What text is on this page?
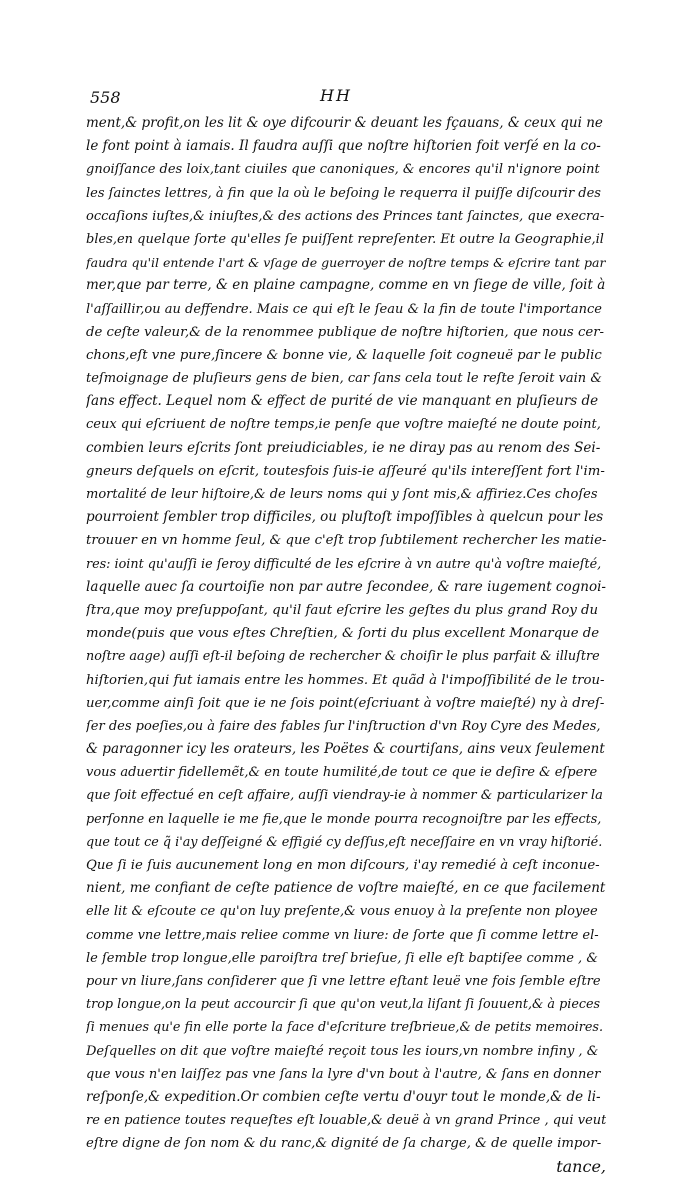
558	HH
ment,& profit,on les lit & oye difcourir & deuant les fçauans, & ceux qui ne
le font point à iamais. Il faudra auſſi que noſtre hiſtorien foit verſé en la co-
gnoiſſance des loix,tant ciuiles que canoniques, & encores qu'il n'ignore point
les ſainctes lettres, à fin que la où le beſoing le requerra il puiſſe diſcourir des
occaſions iuſtes,& iniuſtes,& des actions des Princes tant ſainctes, que execra-
bles,en quelque ſorte qu'elles ſe puiſſent repreſenter. Et outre la Geographie,il
faudra qu'il entende l'art & vſage de guerroyer de noſtre temps & eſcrire tant par
mer,que par terre, & en plaine campagne, comme en vn ſiege de ville, ſoit à
l'aſſaillir,ou au deffendre. Mais ce qui eſt le ſeau & la fin de toute l'importance
de ceſte valeur,& de la renommee publique de noſtre hiſtorien, que nous cer-
chons,eſt vne pure,ſincere & bonne vie, & laquelle ſoit cogneuë par le public
teſmoignage de pluſieurs gens de bien, car ſans cela tout le reſte ſeroit vain &
ſans effect. Lequel nom & effect de purité de vie manquant en pluſieurs de
ceux qui eſcriuent de noſtre temps,ie penſe que voſtre maieſté ne doute point,
combien leurs eſcrits ſont preiudiciables, ie ne diray pas au renom des Sei-
gneurs deſquels on eſcrit, toutesfois ſuis-ie aſſeuré qu'ils intereſſent fort l'im-
mortalité de leur hiſtoire,& de leurs noms qui y ſont mis,& affiriez.Ces choſes
pourroient ſembler trop difficiles, ou pluſtoſt impoſſibles à quelcun pour les
trouuer en vn homme ſeul, & que c'eſt trop ſubtilement rechercher les matie-
res: ioint qu'auſſi ie ſeroy difficulté de les eſcrire à vn autre qu'à voſtre maieſté,
laquelle auec ſa courtoiſie non par autre ſecondee, & rare iugement cognoi-
ſtra,que moy preſuppoſant, qu'il faut eſcrire les geſtes du plus grand Roy du
monde(puis que vous eſtes Chreſtien, & ſorti du plus excellent Monarque de
noſtre aage) auſſi eſt-il beſoing de rechercher & choiſir le plus parfait & illuſtre
hiſtorien,qui fut iamais entre les hommes. Et quãd à l'impoſſibilité de le trou-
uer,comme ainſi ſoit que ie ne ſois point(eſcriuant à voſtre maieſté) ny à dreſ-
ſer des poeſies,ou à faire des fables ſur l'inſtruction d'vn Roy Cyre des Medes,
& paragonner icy les orateurs, les Poëtes & courtiſans, ains veux ſeulement
vous aduertir fidellemẽt,& en toute humilité,de tout ce que ie deſire & eſpere
que ſoit effectué en ceſt affaire, auſſi viendray-ie à nommer & particularizer la
perſonne en laquelle ie me fie,que le monde pourra recognoiſtre par les effects,
que tout ce q̃ i'ay deſſeigné & effigié cy deſſus,eſt neceſſaire en vn vray hiſtorié.
Que ſi ie ſuis aucunement long en mon diſcours, i'ay remedié à ceſt inconue-
nient, me confiant de ceſte patience de voſtre maieſté, en ce que facilement
elle lit & eſcoute ce qu'on luy preſente,& vous enuoy à la preſente non ployee
comme vne lettre,mais reliee comme vn liure: de ſorte que ſi comme lettre el-
le ſemble trop longue,elle paroiſtra treſ brieſue, ſi elle eſt baptiſee comme , &
pour vn liure,ſans conſiderer que ſi vne lettre eſtant leuë vne fois ſemble eſtre
trop longue,on la peut accourcir ſi que qu'on veut,la liſant ſi ſouuent,& à pieces
ſi menues qu'e fin elle porte la face d'eſcriture treſbrieue,& de petits memoires.
Deſquelles on dit que voſtre maieſté reçoit tous les iours,vn nombre infiny , &
que vous n'en laiſſez pas vne ſans la lyre d'vn bout à l'autre, & ſans en donner
reſponſe,& expedition.Or combien ceſte vertu d'ouyr tout le monde,& de li-
re en patience toutes requeſtes eſt louable,& deuë à vn grand Prince , qui veut
eſtre digne de ſon nom & du ranc,& dignité de ſa charge, & de quelle impor-
tance,
